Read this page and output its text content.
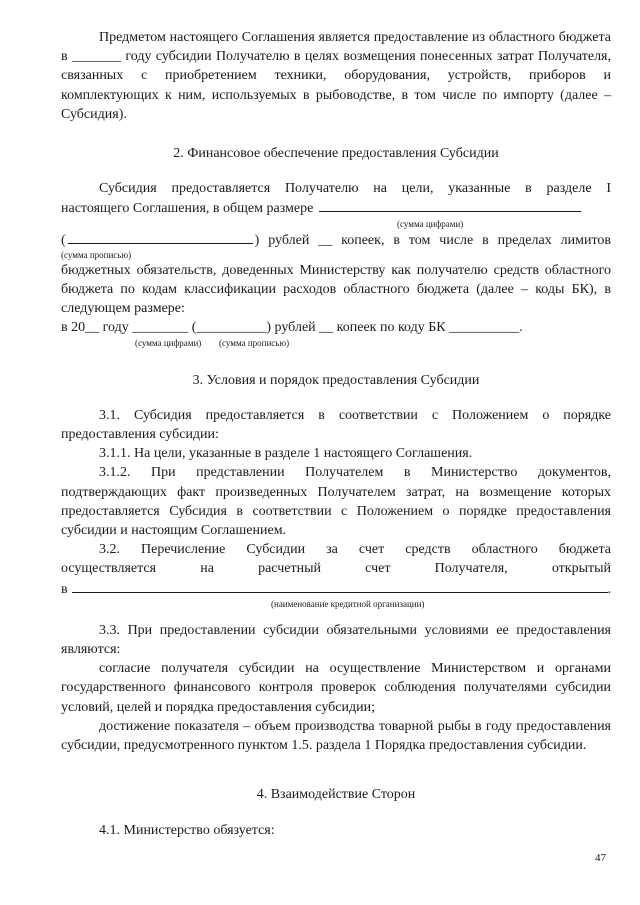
Предметом настоящего Соглашения является предоставление из областного бюджета в _______ году субсидии Получателю в целях возмещения понесенных затрат Получателя, связанных с приобретением техники, оборудования, устройств, приборов и комплектующих к ним, используемых в рыбоводстве, в том числе по импорту (далее – Субсидия).

2. Финансовое обеспечение предоставления Субсидии

Субсидия предоставляется Получателю на цели, указанные в разделе I

настоящего Соглашения, в общем размере
(сумма цифрами)
(	) рублей __ копеек, в том числе в пределах лимитов
(сумма прописью)

бюджетных обязательств, доведенных Министерству как получателю средств областного бюджета по кодам классификации расходов областного бюджета (далее – коды БК), в следующем размере:

в 20__ году ________ (__________) рублей __ копеек по коду БК __________.

(сумма цифрами) (сумма прописью)

3. Условия и порядок предоставления Субсидии

3.1. Субсидия предоставляется в соответствии с Положением о порядке предоставления субсидии:

3.1.1. На цели, указанные в разделе 1 настоящего Соглашения.

3.1.2. При представлении Получателем в Министерство документов, подтверждающих факт произведенных Получателем затрат, на возмещение которых предоставляется Субсидия в соответствии с Положением о порядке предоставления субсидии и настоящим Соглашением.

3.2. Перечисление Субсидии за счет средств областного бюджета

осуществляется на расчетный счет Получателя, открытый

в	.
(наименование кредитной организации)

3.3. При предоставлении субсидии обязательными условиями ее предоставления являются:

согласие получателя субсидии на осуществление Министерством и органами государственного финансового контроля проверок соблюдения получателями субсидии условий, целей и порядка предоставления субсидии;

достижение показателя – объем производства товарной рыбы в году предоставления субсидии, предусмотренного пунктом 1.5. раздела 1 Порядка предоставления субсидии.

4. Взаимодействие Сторон

4.1. Министерство обязуется:

47
